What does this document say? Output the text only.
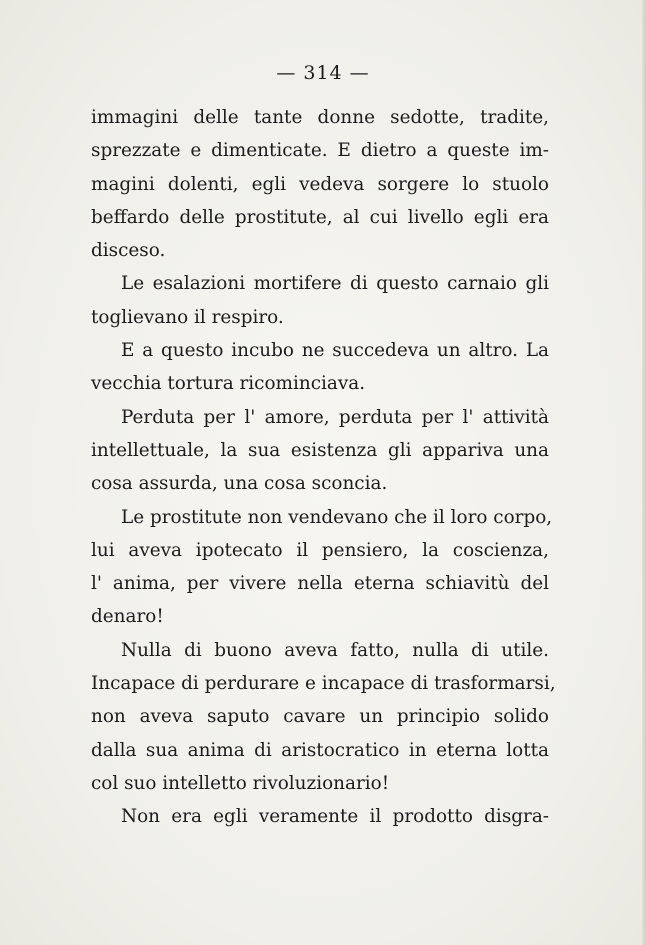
— 314 —
immagini delle tante donne sedotte, tradite,
sprezzate e dimenticate. E dietro a queste im-
magini dolenti, egli vedeva sorgere lo stuolo
beffardo delle prostitute, al cui livello egli era
disceso.
Le esalazioni mortifere di questo carnaio gli
toglievano il respiro.
E a questo incubo ne succedeva un altro. La
vecchia tortura ricominciava.
Perduta per l' amore, perduta per l' attività
intellettuale, la sua esistenza gli appariva una
cosa assurda, una cosa sconcia.
Le prostitute non vendevano che il loro corpo,
lui aveva ipotecato il pensiero, la coscienza,
l' anima, per vivere nella eterna schiavitù del
denaro!
Nulla di buono aveva fatto, nulla di utile.
Incapace di perdurare e incapace di trasformarsi,
non aveva saputo cavare un principio solido
dalla sua anima di aristocratico in eterna lotta
col suo intelletto rivoluzionario!
Non era egli veramente il prodotto disgra-
